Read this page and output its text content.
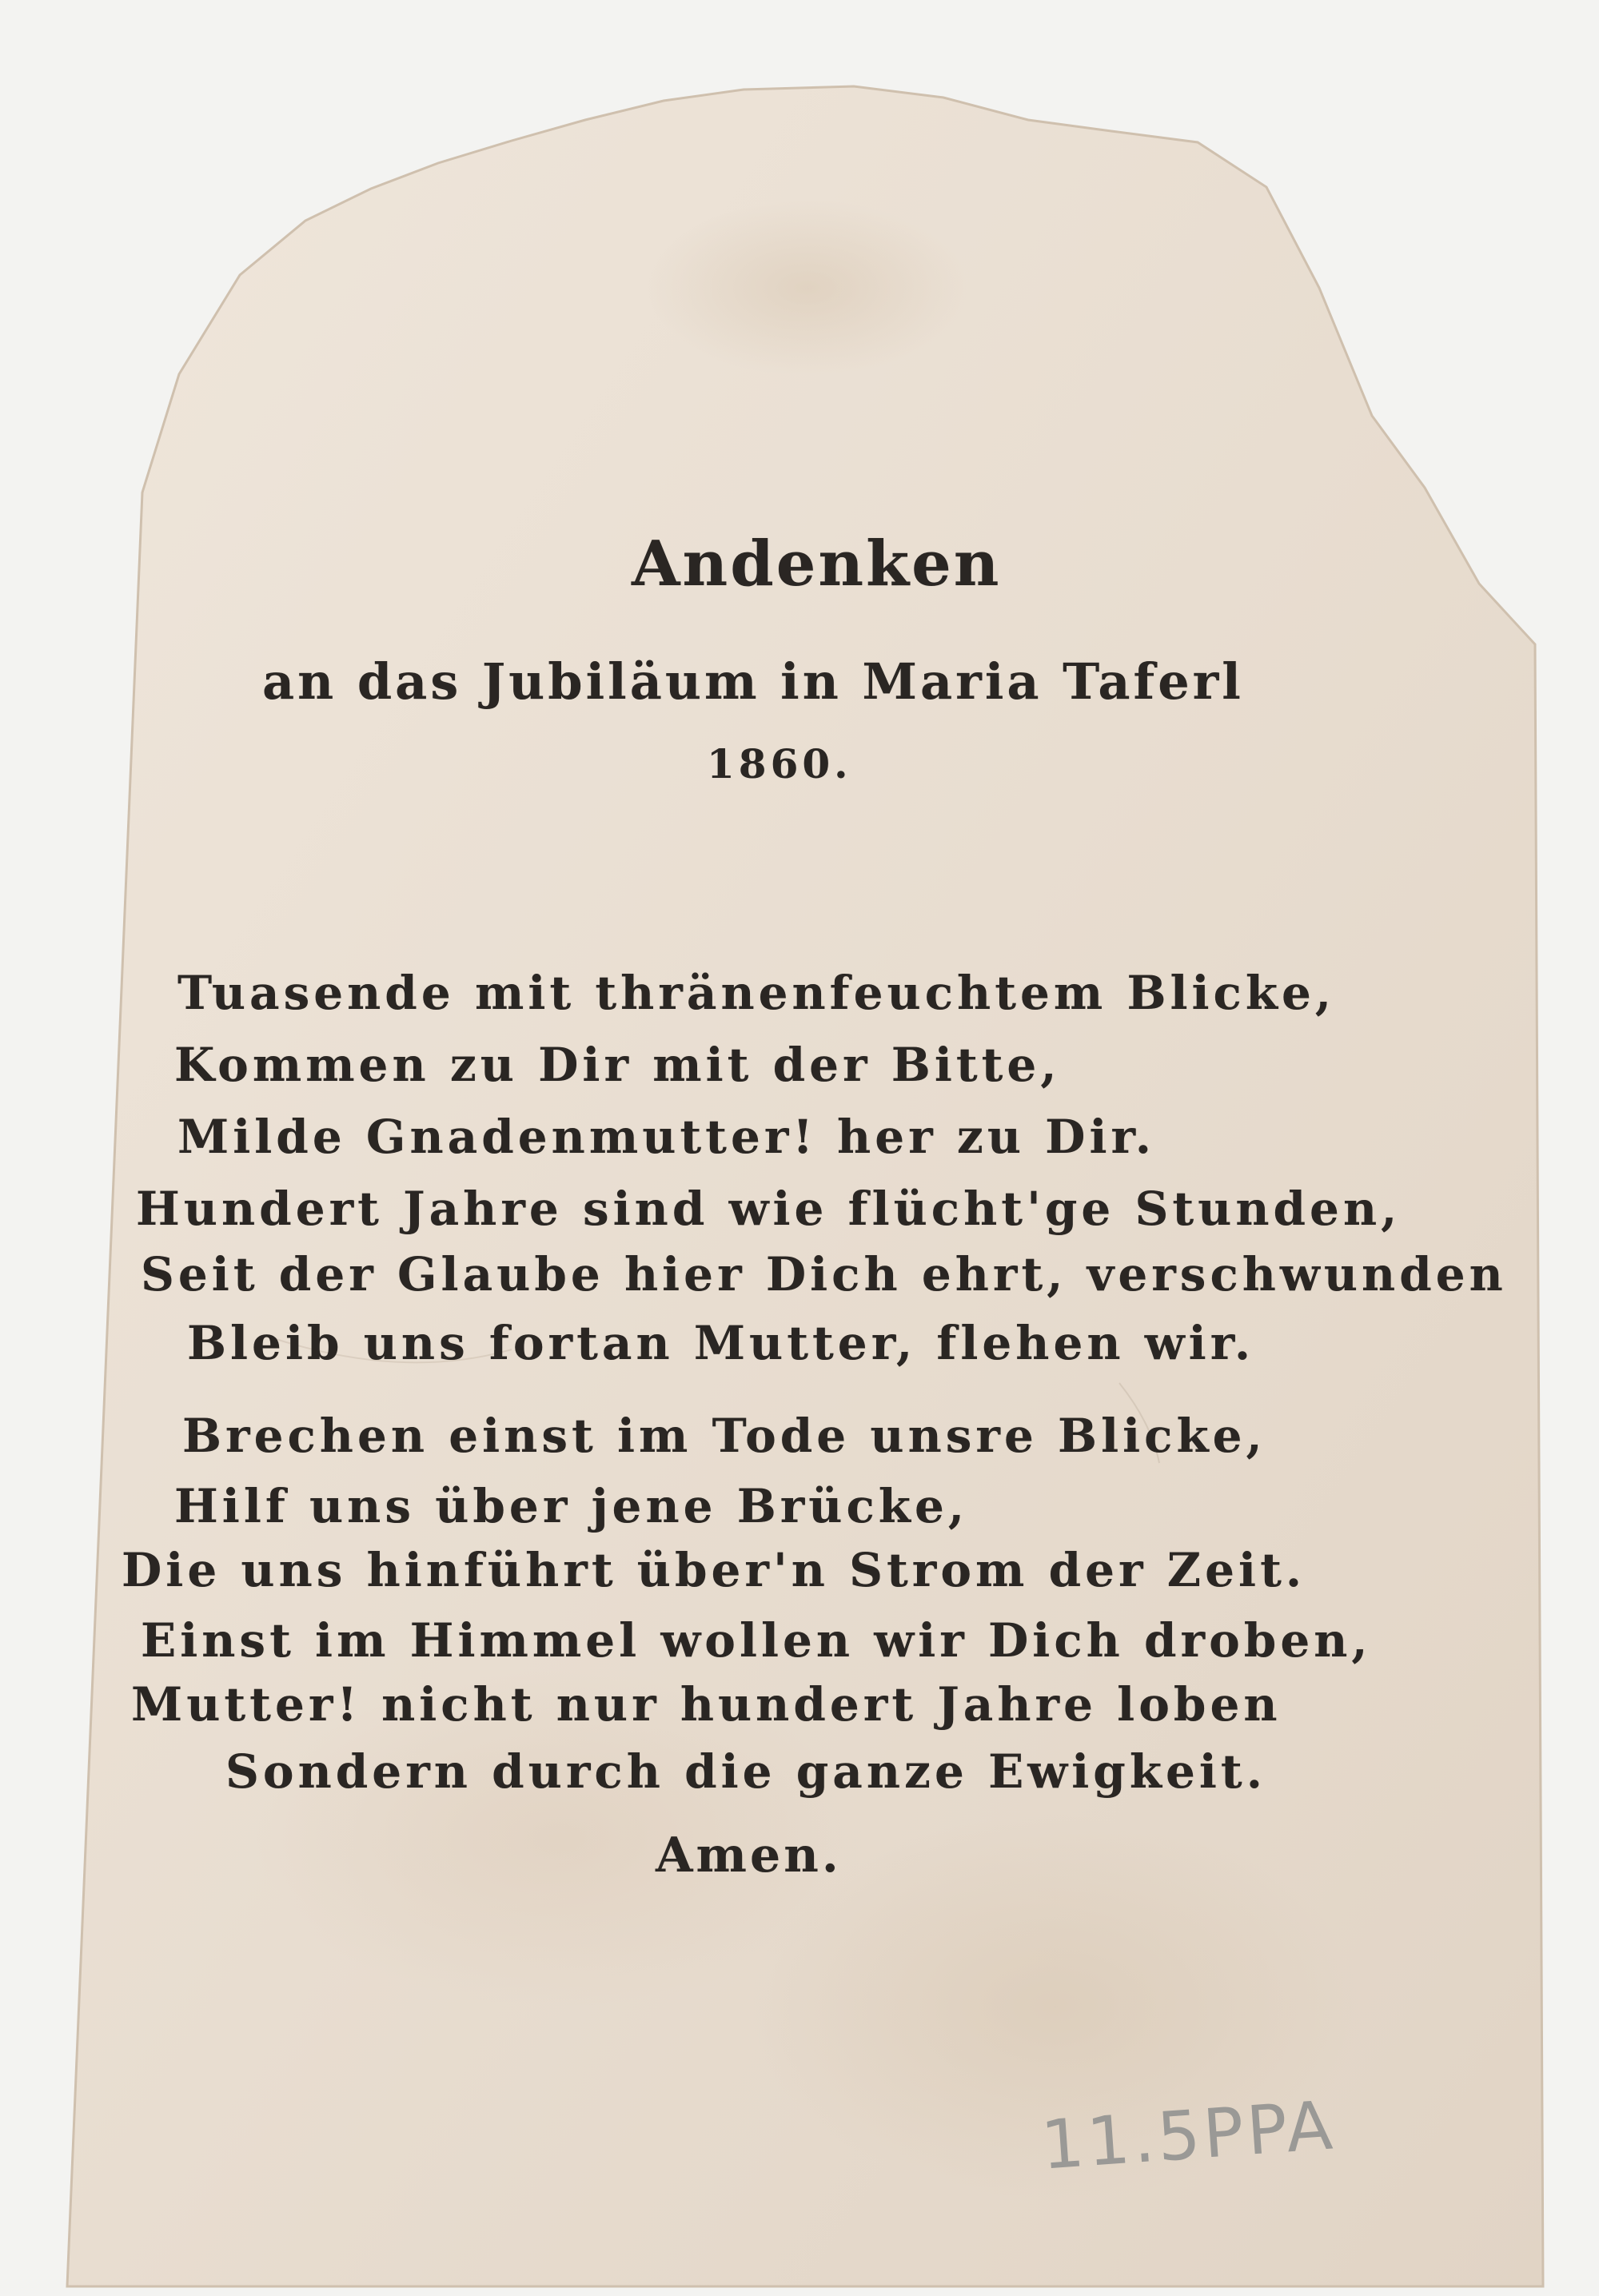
Andenken
an das Jubiläum in Maria Taferl
1860.
Tuasende mit thränenfeuchtem Blicke,
Kommen zu Dir mit der Bitte,
Milde Gnadenmutter! her zu Dir.
Hundert Jahre sind wie flücht'ge Stunden,
Seit der Glaube hier Dich ehrt, verschwunden
Bleib uns fortan Mutter, flehen wir.
Brechen einst im Tode unsre Blicke,
Hilf uns über jene Brücke,
Die uns hinführt über'n Strom der Zeit.
Einst im Himmel wollen wir Dich droben,
Mutter! nicht nur hundert Jahre loben
Sondern durch die ganze Ewigkeit.
Amen.
11.5PPA
